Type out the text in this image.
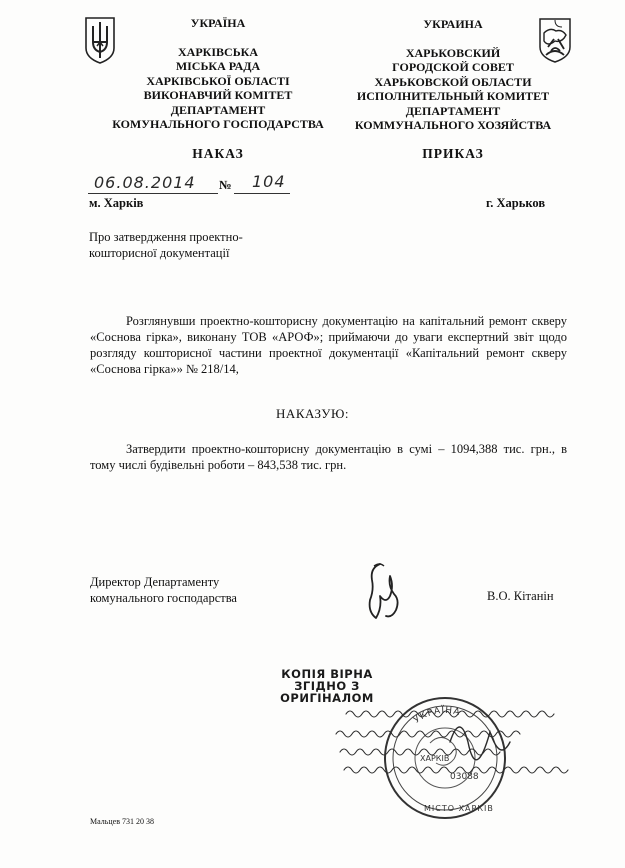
УКРАЇНА
ХАРКІВСЬКА
МІСЬКА РАДА
ХАРКІВСЬКОЇ ОБЛАСТІ
ВИКОНАВЧИЙ КОМІТЕТ
ДЕПАРТАМЕНТ
КОМУНАЛЬНОГО ГОСПОДАРСТВА
УКРАИНА
ХАРЬКОВСКИЙ
ГОРОДСКОЙ СОВЕТ
ХАРЬКОВСКОЙ ОБЛАСТИ
ИСПОЛНИТЕЛЬНЫЙ КОМИТЕТ
ДЕПАРТАМЕНТ
КОММУНАЛЬНОГО ХОЗЯЙСТВА
НАКАЗ	ПРИКАЗ
06.08.2014 № 104
м. Харків	г. Харьков
Про затвердження проектно-
кошторисної документації
Розглянувши проектно-кошторисну документацію на капітальний ремонт скверу «Соснова гірка», виконану ТОВ «АРОФ»; приймаючи до уваги експертний звіт щодо розгляду кошторисної частини проектної документації «Капітальний ремонт скверу «Соснова гірка»» № 218/14,
НАКАЗУЮ:
Затвердити проектно-кошторисну документацію в сумі – 1094,388 тис. грн., в тому числі будівельні роботи – 843,538 тис. грн.
Директор Департаменту
комунального господарства	В.О. Кітанін
КОПІЯ ВІРНА
ЗГІДНО З
ОРИГІНАЛОМ
УКРАЇНА
ХАРКІВ
03088
МІСТО ХАРКІВ
Мальцев 731 20 38
